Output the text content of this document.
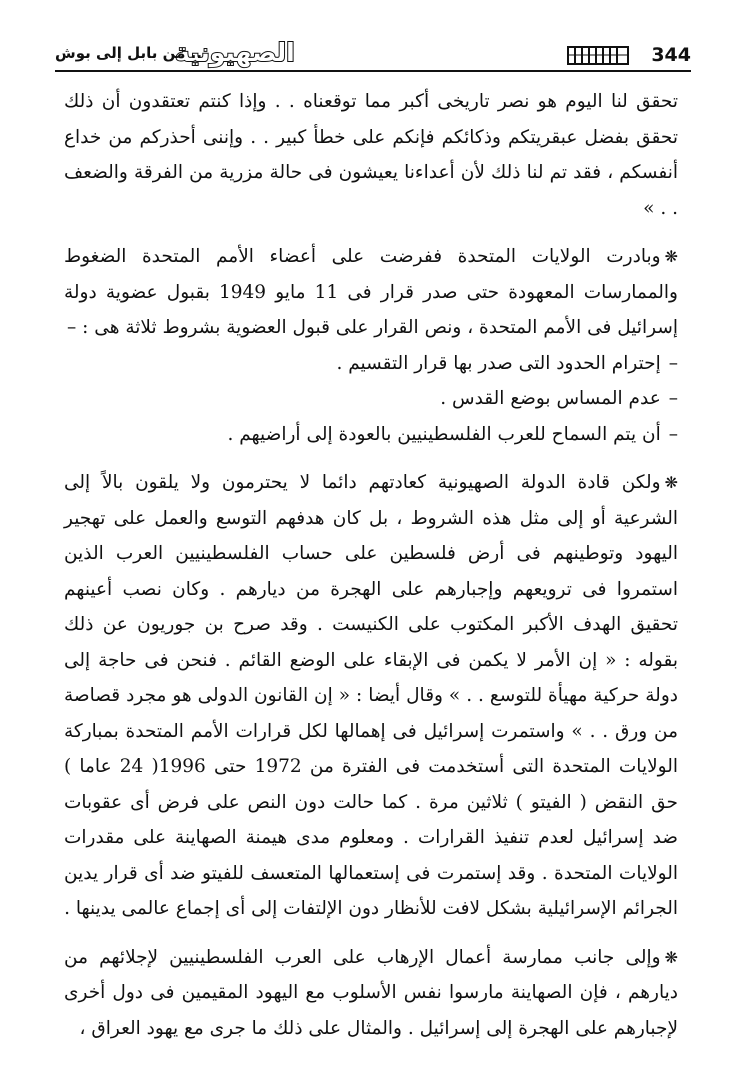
344
الصهيونية
.. من بابل إلى بوش

تحقق لنا اليوم هو نصر تاريخى أكبر مما توقعناه . . وإذا كنتم تعتقدون أن ذلك تحقق بفضل عبقريتكم وذكائكم فإنكم على خطأ كبير . . وإننى أحذركم من خداع أنفسكم ، فقد تم لنا ذلك لأن أعداءنا يعيشون فى حالة مزرية من الفرقة والضعف . . »

❋وبادرت الولايات المتحدة ففرضت على أعضاء الأمم المتحدة الضغوط والممارسات المعهودة حتى صدر قرار فى 11 مايو 1949 بقبول عضوية دولة إسرائيل فى الأمم المتحدة ، ونص القرار على قبول العضوية بشروط ثلاثة هى : –

–إحترام الحدود التى صدر بها قرار التقسيم .

–عدم المساس بوضع القدس .

–أن يتم السماح للعرب الفلسطينيين بالعودة إلى أراضيهم .

❋ولكن قادة الدولة الصهيونية كعادتهم دائما لا يحترمون ولا يلقون بالاً إلى الشرعية أو إلى مثل هذه الشروط ، بل كان هدفهم التوسع والعمل على تهجير اليهود وتوطينهم فى أرض فلسطين على حساب الفلسطينيين العرب الذين استمروا فى ترويعهم وإجبارهم على الهجرة من ديارهم . وكان نصب أعينهم تحقيق الهدف الأكبر المكتوب على الكنيست . وقد صرح بن جوريون عن ذلك بقوله : « إن الأمر لا يكمن فى الإبقاء على الوضع القائم . فنحن فى حاجة إلى دولة حركية مهيأة للتوسع . . » وقال أيضا : « إن القانون الدولى هو مجرد قصاصة من ورق . . » واستمرت إسرائيل فى إهمالها لكل قرارات الأمم المتحدة بمباركة الولايات المتحدة التى أستخدمت فى الفترة من 1972 حتى 1996( 24 عاما ) حق النقض ( الفيتو ) ثلاثين مرة . كما حالت دون النص على فرض أى عقوبات ضد إسرائيل لعدم تنفيذ القرارات . ومعلوم مدى هيمنة الصهاينة على مقدرات الولايات المتحدة . وقد إستمرت فى إستعمالها المتعسف للفيتو ضد أى قرار يدين الجرائم الإسرائيلية بشكل لافت للأنظار دون الإلتفات إلى أى إجماع عالمى يدينها .

❋وإلى جانب ممارسة أعمال الإرهاب على العرب الفلسطينيين لإجلائهم من ديارهم ، فإن الصهاينة مارسوا نفس الأسلوب مع اليهود المقيمين فى دول أخرى لإجبارهم على الهجرة إلى إسرائيل . والمثال على ذلك ما جرى مع يهود العراق ،
